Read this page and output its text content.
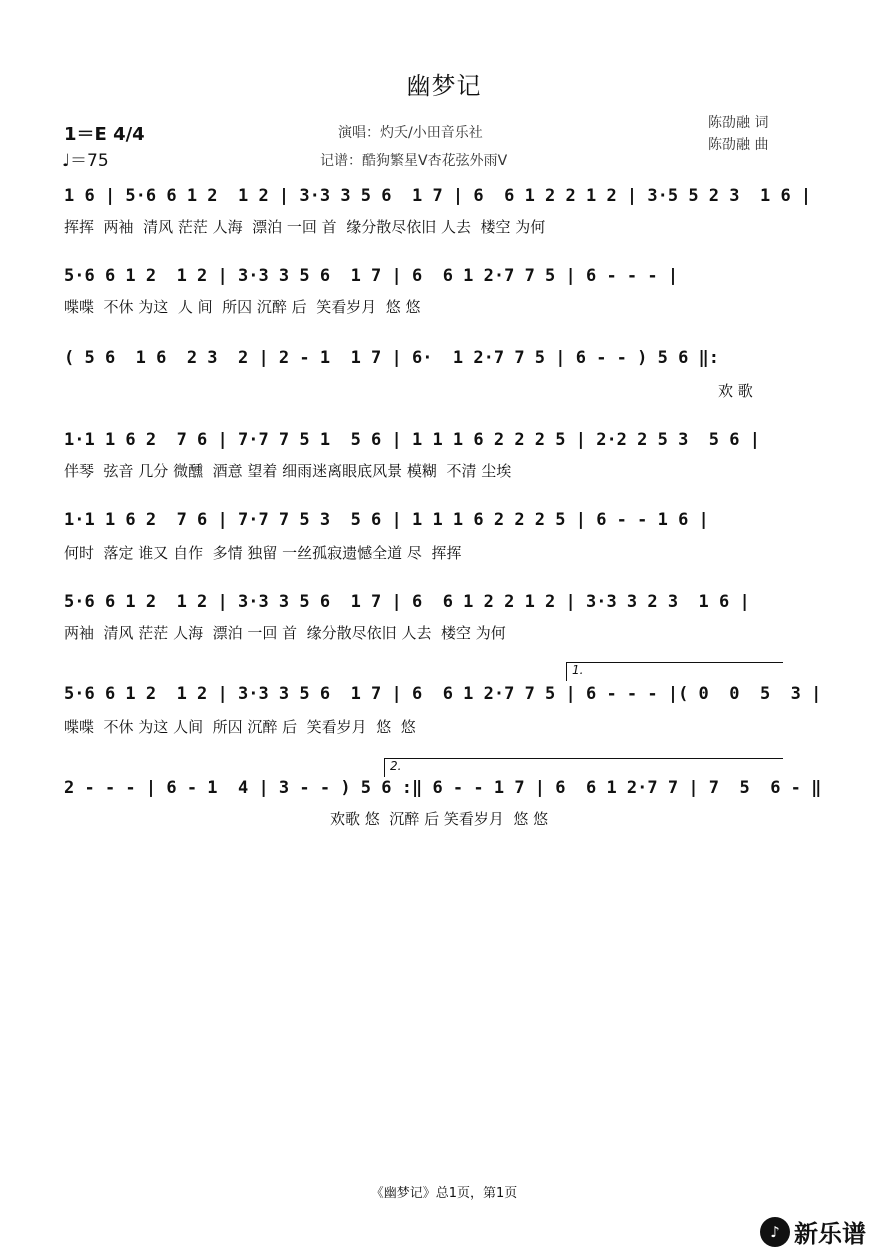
幽梦记
1＝E 4/4
♩＝75
演唱：灼夭/小田音乐社
记谱：酷狗繁星V杏花弦外雨V
陈劭融 词
陈劭融 曲
1 6 | 5·6 6 1 2  1 2 | 3·3 3 5 6  1 7 | 6  6 1 2 2 1 2 | 3·5 5 2 3  1 6 |
挥挥  两袖  清风 茫茫 人海  漂泊 一回 首  缘分散尽依旧 人去  楼空 为何
5·6 6 1 2  1 2 | 3·3 3 5 6  1 7 | 6  6 1 2·7 7 5 | 6 - - - |
喋喋  不休 为这  人 间  所囚 沉醉 后  笑看岁月  悠 悠
( 5 6  1 6  2 3  2 | 2 - 1  1 7 | 6·  1 2·7 7 5 | 6 - - ) 5 6 ‖:
欢 歌
1·1 1 6 2  7 6 | 7·7 7 5 1  5 6 | 1 1 1 6 2 2 2 5 | 2·2 2 5 3  5 6 |
伴琴  弦音 几分 微醺  酒意 望着 细雨迷离眼底风景 模糊  不清 尘埃
1·1 1 6 2  7 6 | 7·7 7 5 3  5 6 | 1 1 1 6 2 2 2 5 | 6 - - 1 6 |
何时  落定 谁又 自作  多情 独留 一丝孤寂遗憾全道 尽  挥挥
5·6 6 1 2  1 2 | 3·3 3 5 6  1 7 | 6  6 1 2 2 1 2 | 3·3 3 2 3  1 6 |
两袖  清风 茫茫 人海  漂泊 一回 首  缘分散尽依旧 人去  楼空 为何
1.
5·6 6 1 2  1 2 | 3·3 3 5 6  1 7 | 6  6 1 2·7 7 5 | 6 - - - |( 0  0  5  3 |
喋喋  不休 为这 人间  所囚 沉醉 后  笑看岁月  悠  悠
2.
2 - - - | 6 - 1  4 | 3 - - ) 5 6 :‖ 6 - - 1 7 | 6  6 1 2·7 7 | 7  5  6 - ‖
欢歌 悠  沉醉 后 笑看岁月  悠 悠
《幽梦记》总1页，第1页
♪ 新乐谱
